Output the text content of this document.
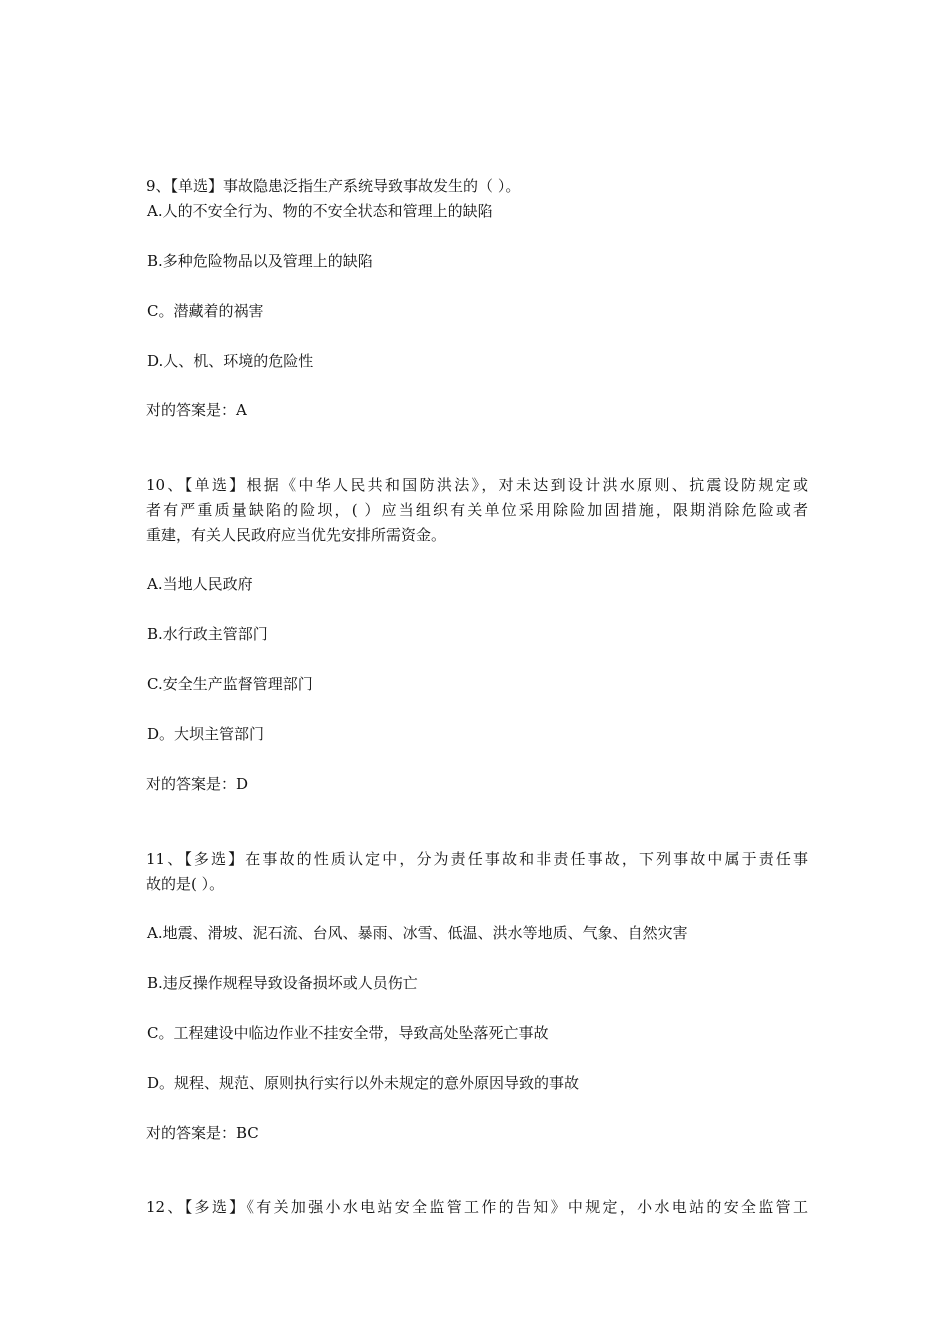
9、【单选】事故隐患泛指生产系统导致事故发生的（ ）。
A.人的不安全行为、物的不安全状态和管理上的缺陷
B.多种危险物品以及管理上的缺陷
C。潜藏着的祸害
D.人、机、环境的危险性
对的答案是：A
10、【单选】根据《中华人民共和国防洪法》，对未达到设计洪水原则、抗震设防规定或
者有严重质量缺陷的险坝，( ）应当组织有关单位采用除险加固措施，限期消除危险或者
重建，有关人民政府应当优先安排所需资金。
A.当地人民政府
B.水行政主管部门
C.安全生产监督管理部门
D。大坝主管部门
对的答案是：D
11、【多选】在事故的性质认定中，分为责任事故和非责任事故，下列事故中属于责任事
故的是( ）。
A.地震、滑坡、泥石流、台风、暴雨、冰雪、低温、洪水等地质、气象、自然灾害
B.违反操作规程导致设备损坏或人员伤亡
C。工程建设中临边作业不挂安全带，导致高处坠落死亡事故
D。规程、规范、原则执行实行以外未规定的意外原因导致的事故
对的答案是：BC
12、【多选】《有关加强小水电站安全监管工作的告知》中规定，小水电站的安全监管工
